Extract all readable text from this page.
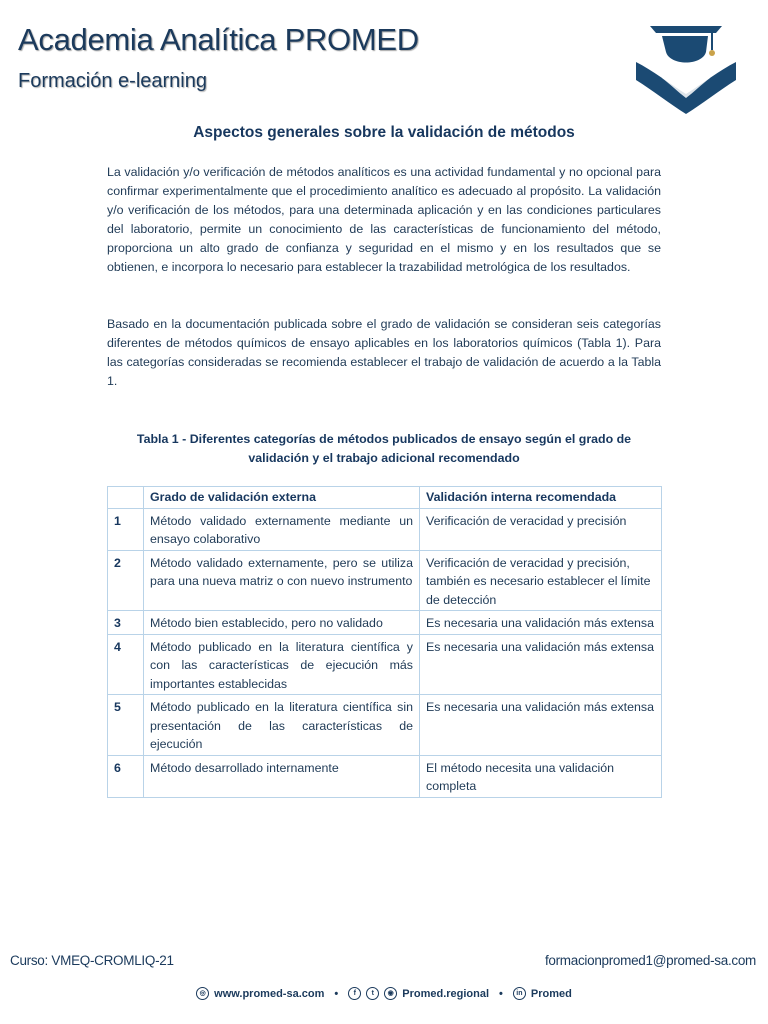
Academia Analítica PROMED
Formación e-learning
Aspectos generales sobre la validación de métodos

La validación y/o verificación de métodos analíticos es una actividad fundamental y no opcional para confirmar experimentalmente que el procedimiento analítico es adecuado al propósito. La validación y/o verificación de los métodos, para una determinada aplicación y en las condiciones particulares del laboratorio, permite un conocimiento de las características de funcionamiento del método, proporciona un alto grado de confianza y seguridad en el mismo y en los resultados que se obtienen, e incorpora lo necesario para establecer la trazabilidad metrológica de los resultados.

Basado en la documentación publicada sobre el grado de validación se consideran seis categorías diferentes de métodos químicos de ensayo aplicables en los laboratorios químicos (Tabla 1). Para las categorías consideradas se recomienda establecer el trabajo de validación de acuerdo a la Tabla 1.

Tabla 1 - Diferentes categorías de métodos publicados de ensayo según el grado de validación y el trabajo adicional recomendado

	Grado de validación externa	Validación interna recomendada
1	Método validado externamente mediante un ensayo colaborativo	Verificación de veracidad y precisión
2	Método validado externamente, pero se utiliza para una nueva matriz o con nuevo instrumento	Verificación de veracidad y precisión, también es necesario establecer el límite de detección
3	Método bien establecido, pero no validado	Es necesaria una validación más extensa
4	Método publicado en la literatura científica y con las características de ejecución más importantes establecidas	Es necesaria una validación más extensa
5	Método publicado en la literatura científica sin presentación de las características de ejecución	Es necesaria una validación más extensa
6	Método desarrollado internamente	El método necesita una validación completa

Curso: VMEQ-CROMLIQ-21	formacionpromed1@promed-sa.com

◎ www.promed-sa.com •	f	t	◉ Promed.regional •	in Promed
